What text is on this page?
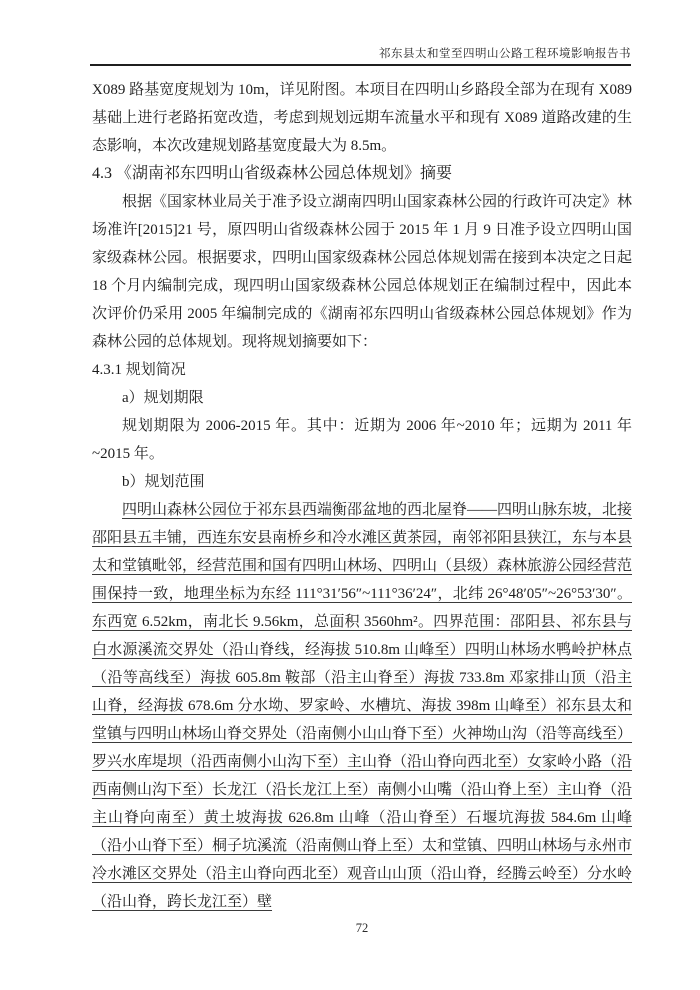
祁东县太和堂至四明山公路工程环境影响报告书

X089 路基宽度规划为 10m，详见附图。本项目在四明山乡路段全部为在现有 X089 基础上进行老路拓宽改造，考虑到规划远期车流量水平和现有 X089 道路改建的生态影响，本次改建规划路基宽度最大为 8.5m。

4.3 《湖南祁东四明山省级森林公园总体规划》摘要

根据《国家林业局关于准予设立湖南四明山国家森林公园的行政许可决定》林场准许[2015]21 号，原四明山省级森林公园于 2015 年 1 月 9 日准予设立四明山国家级森林公园。根据要求，四明山国家级森林公园总体规划需在接到本决定之日起 18 个月内编制完成，现四明山国家级森林公园总体规划正在编制过程中，因此本次评价仍采用 2005 年编制完成的《湖南祁东四明山省级森林公园总体规划》作为森林公园的总体规划。现将规划摘要如下：

4.3.1 规划简况

a）规划期限

规划期限为 2006-2015 年。其中：近期为 2006 年~2010 年；远期为 2011 年~2015 年。

b）规划范围

四明山森林公园位于祁东县西端衡邵盆地的西北屋脊——四明山脉东坡，北接邵阳县五丰铺，西连东安县南桥乡和冷水滩区黄茶园，南邻祁阳县狭江，东与本县太和堂镇毗邻，经营范围和国有四明山林场、四明山（县级）森林旅游公园经营范围保持一致，地理坐标为东经 111°31′56″~111°36′24″，北纬 26°48′05″~26°53′30″。东西宽 6.52km，南北长 9.56km，总面积 3560hm²。四界范围：邵阳县、祁东县与白水源溪流交界处（沿山脊线，经海拔 510.8m 山峰至）四明山林场水鸭岭护林点（沿等高线至）海拔 605.8m 鞍部（沿主山脊至）海拔 733.8m 邓家排山顶（沿主山脊，经海拔 678.6m 分水坳、罗家岭、水槽坑、海拔 398m 山峰至）祁东县太和堂镇与四明山林场山脊交界处（沿南侧小山山脊下至）火神坳山沟（沿等高线至）罗兴水库堤坝（沿西南侧小山沟下至）主山脊（沿山脊向西北至）女家岭小路（沿西南侧山沟下至）长龙江（沿长龙江上至）南侧小山嘴（沿山脊上至）主山脊（沿主山脊向南至）黄土坡海拔 626.8m 山峰（沿山脊至）石堰坑海拔 584.6m 山峰（沿小山脊下至）桐子坑溪流（沿南侧山脊上至）太和堂镇、四明山林场与永州市冷水滩区交界处（沿主山脊向西北至）观音山山顶（沿山脊，经腾云岭至）分水岭（沿山脊，跨长龙江至）壁

72
